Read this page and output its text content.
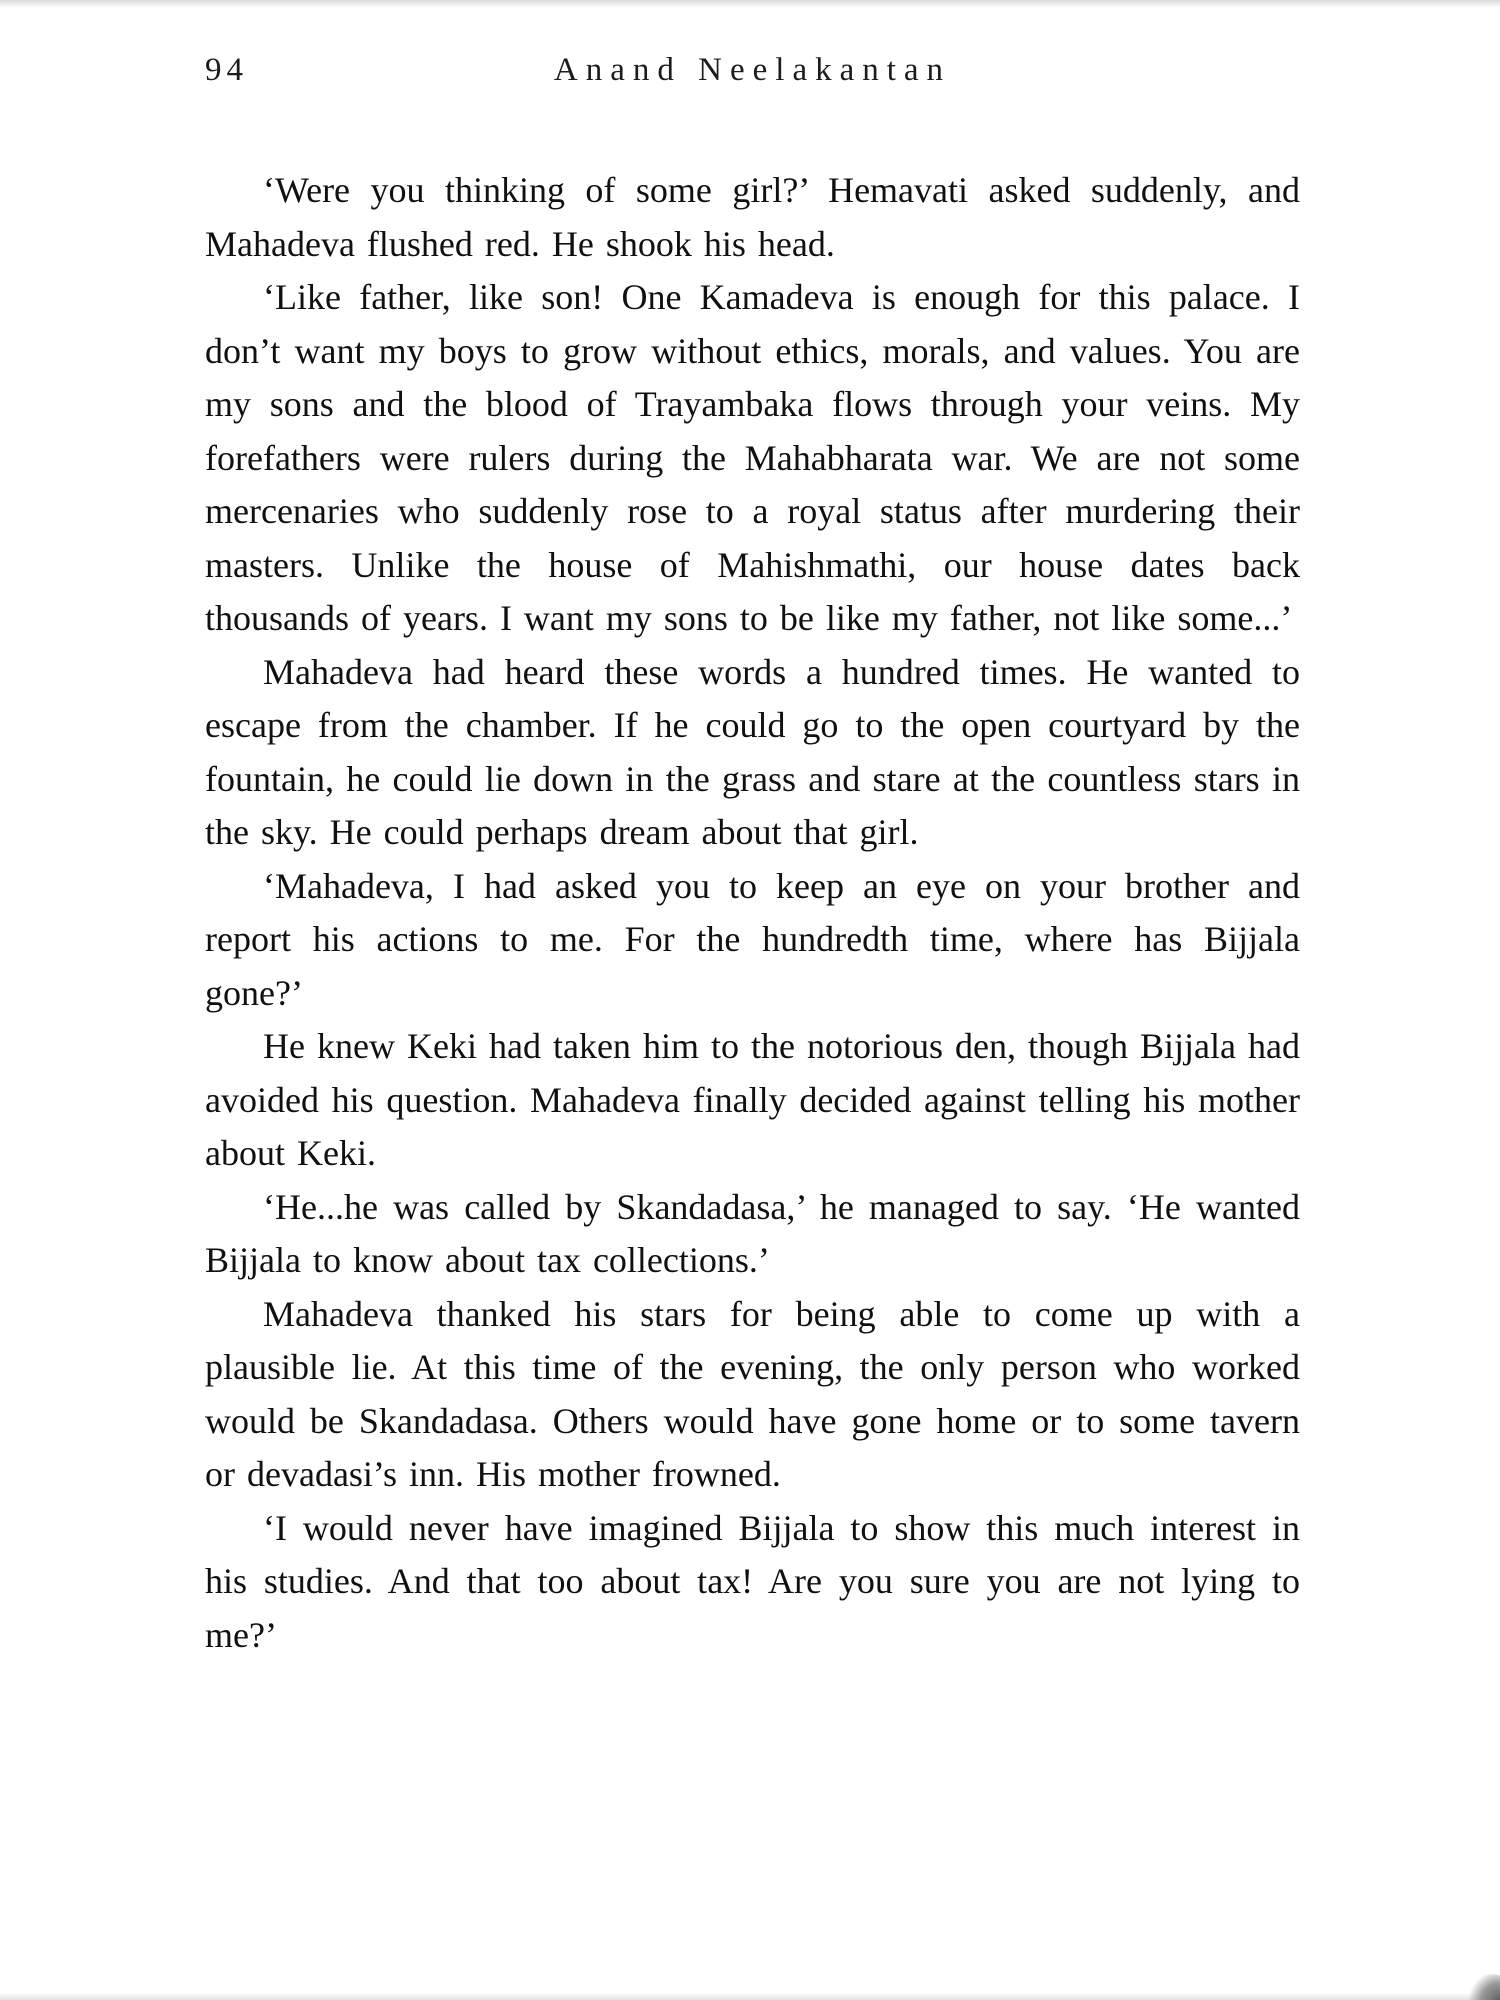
94	Anand Neelakantan

‘Were you thinking of some girl?’ Hemavati asked suddenly, and Mahadeva flushed red. He shook his head.

‘Like father, like son! One Kamadeva is enough for this palace. I don’t want my boys to grow without ethics, morals, and values. You are my sons and the blood of Trayambaka flows through your veins. My forefathers were rulers during the Mahabharata war. We are not some mercenaries who suddenly rose to a royal status after murdering their masters. Unlike the house of Mahishmathi, our house dates back thousands of years. I want my sons to be like my father, not like some...’

Mahadeva had heard these words a hundred times. He wanted to escape from the chamber. If he could go to the open courtyard by the fountain, he could lie down in the grass and stare at the countless stars in the sky. He could perhaps dream about that girl.

‘Mahadeva, I had asked you to keep an eye on your brother and report his actions to me. For the hundredth time, where has Bijjala gone?’

He knew Keki had taken him to the notorious den, though Bijjala had avoided his question. Mahadeva finally decided against telling his mother about Keki.

‘He...he was called by Skandadasa,’ he managed to say. ‘He wanted Bijjala to know about tax collections.’

Mahadeva thanked his stars for being able to come up with a plausible lie. At this time of the evening, the only person who worked would be Skandadasa. Others would have gone home or to some tavern or devadasi’s inn. His mother frowned.

‘I would never have imagined Bijjala to show this much interest in his studies. And that too about tax! Are you sure you are not lying to me?’
